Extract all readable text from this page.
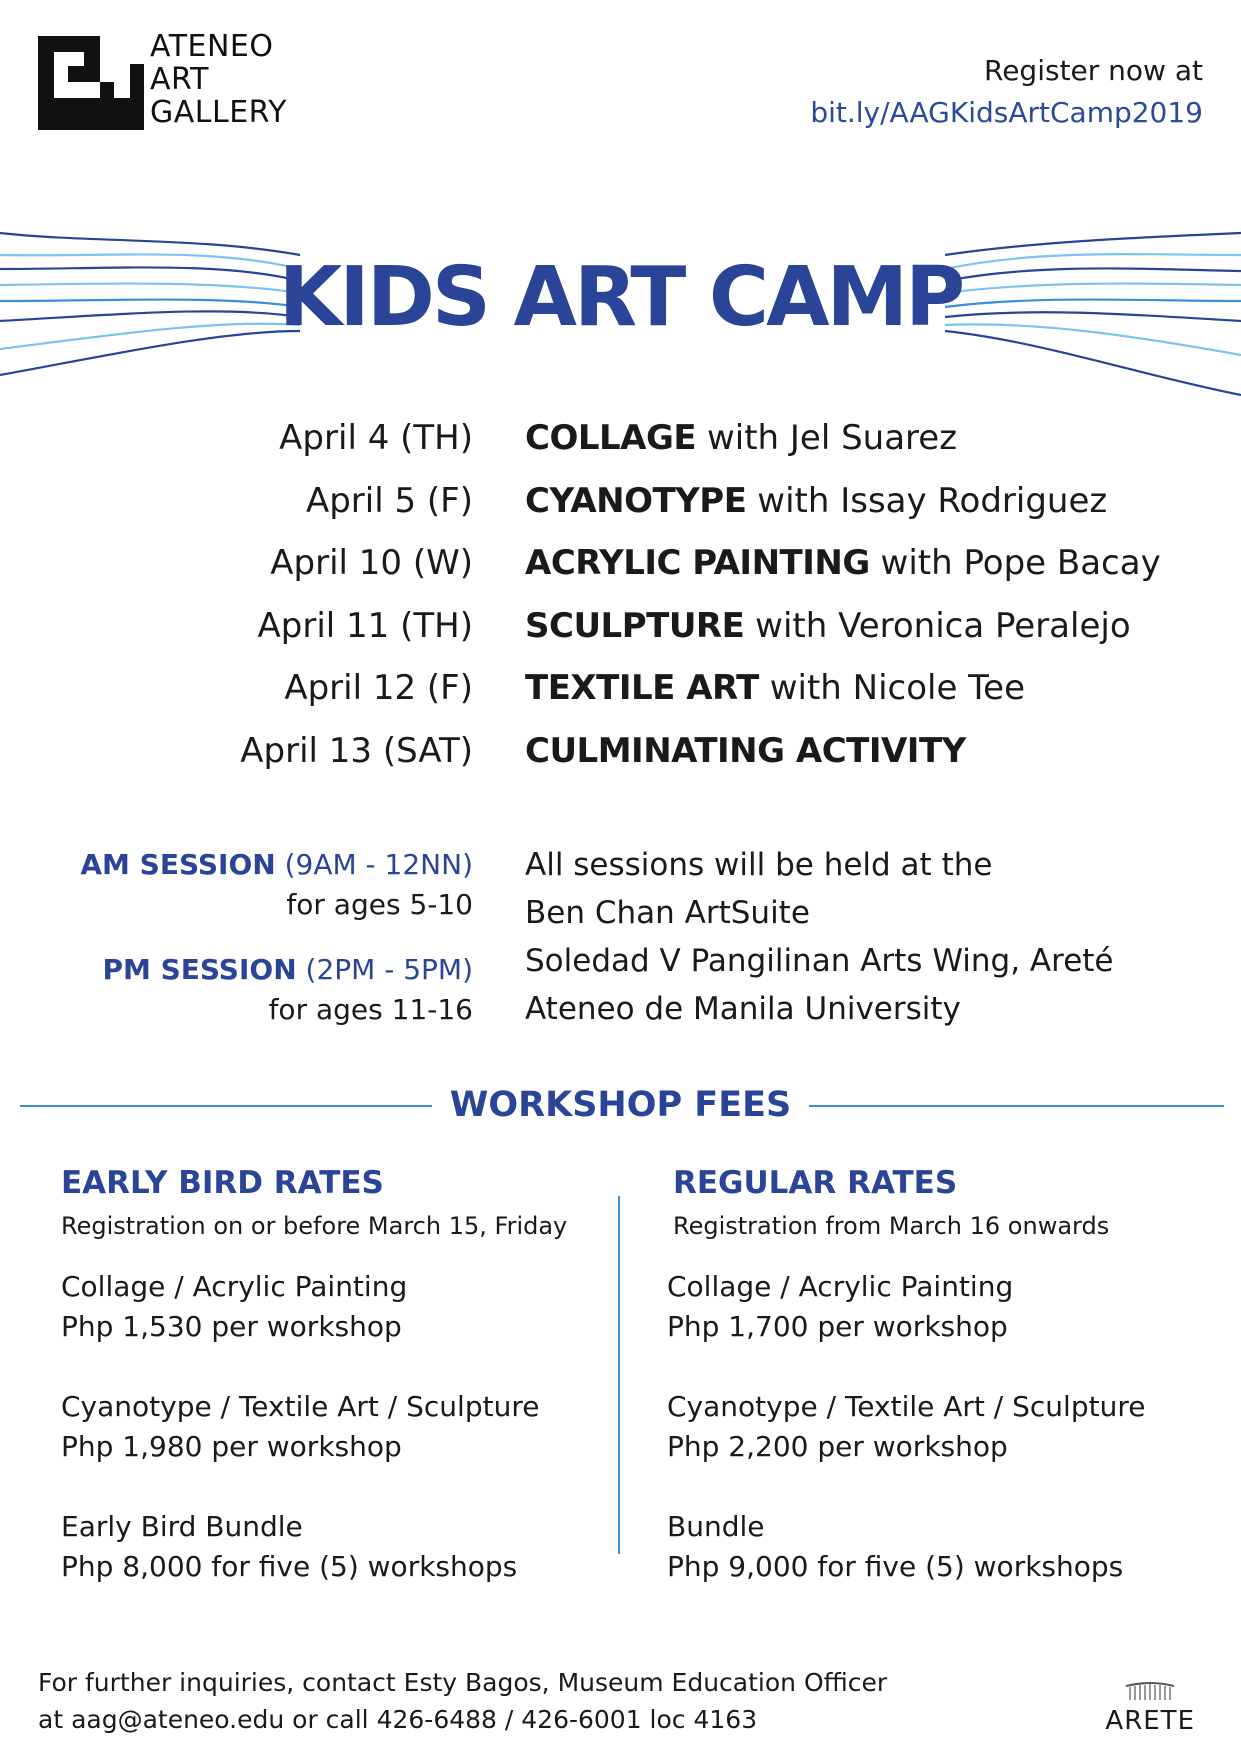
ATENEO
ART
GALLERY
Register now at
bit.ly/AAGKidsArtCamp2019
KIDS ART CAMP
April 4 (TH) COLLAGE with Jel Suarez
April 5 (F) CYANOTYPE with Issay Rodriguez
April 10 (W) ACRYLIC PAINTING with Pope Bacay
April 11 (TH) SCULPTURE with Veronica Peralejo
April 12 (F) TEXTILE ART with Nicole Tee
April 13 (SAT) CULMINATING ACTIVITY
AM SESSION (9AM - 12NN)
for ages 5-10
PM SESSION (2PM - 5PM)
for ages 11-16
All sessions will be held at the
Ben Chan ArtSuite
Soledad V Pangilinan Arts Wing, Areté
Ateneo de Manila University
WORKSHOP FEES
EARLY BIRD RATES
Registration on or before March 15, Friday
Collage / Acrylic Painting
Php 1,530 per workshop
Cyanotype / Textile Art / Sculpture
Php 1,980 per workshop
Early Bird Bundle
Php 8,000 for five (5) workshops
REGULAR RATES
Registration from March 16 onwards
Collage / Acrylic Painting
Php 1,700 per workshop
Cyanotype / Textile Art / Sculpture
Php 2,200 per workshop
Bundle
Php 9,000 for five (5) workshops
For further inquiries, contact Esty Bagos, Museum Education Officer
at aag@ateneo.edu or call 426-6488 / 426-6001 loc 4163	ARETE
